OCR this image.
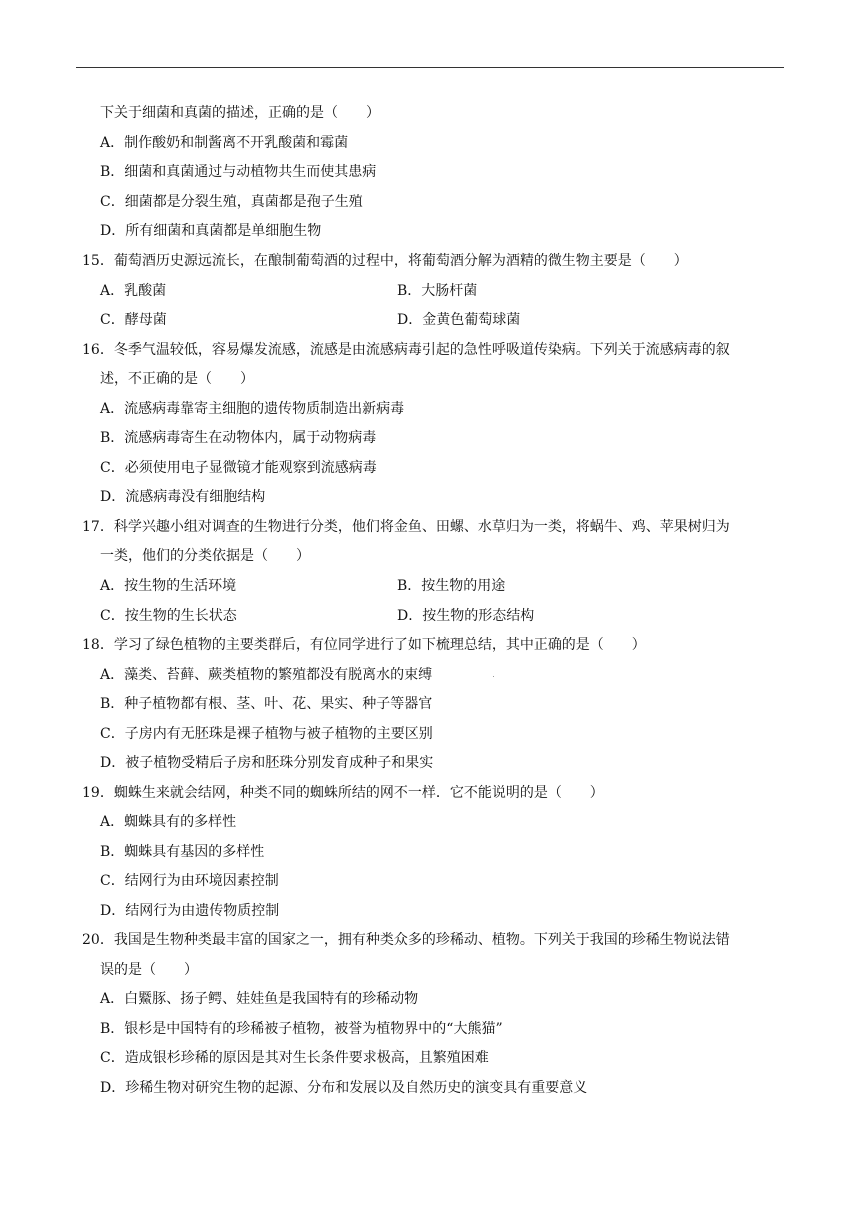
下关于细菌和真菌的描述，正确的是（　　）
A．制作酸奶和制酱离不开乳酸菌和霉菌
B．细菌和真菌通过与动植物共生而使其患病
C．细菌都是分裂生殖，真菌都是孢子生殖
D．所有细菌和真菌都是单细胞生物
15．葡萄酒历史源远流长，在酿制葡萄酒的过程中，将葡萄酒分解为酒精的微生物主要是（　　）
A．乳酸菌	B．大肠杆菌
C．酵母菌	D．金黄色葡萄球菌
16．冬季气温较低，容易爆发流感，流感是由流感病毒引起的急性呼吸道传染病。下列关于流感病毒的叙
述，不正确的是（　　）
A．流感病毒靠寄主细胞的遗传物质制造出新病毒
B．流感病毒寄生在动物体内，属于动物病毒
C．必须使用电子显微镜才能观察到流感病毒
D．流感病毒没有细胞结构
17．科学兴趣小组对调查的生物进行分类，他们将金鱼、田螺、水草归为一类，将蜗牛、鸡、苹果树归为
一类，他们的分类依据是（　　）
A．按生物的生活环境	B．按生物的用途
C．按生物的生长状态	D．按生物的形态结构
18．学习了绿色植物的主要类群后，有位同学进行了如下梳理总结，其中正确的是（　　）
A．藻类、苔藓、蕨类植物的繁殖都没有脱离水的束缚
B．种子植物都有根、茎、叶、花、果实、种子等器官
C．子房内有无胚珠是裸子植物与被子植物的主要区别
D．被子植物受精后子房和胚珠分别发育成种子和果实
19．蜘蛛生来就会结网，种类不同的蜘蛛所结的网不一样．它不能说明的是（　　）
A．蜘蛛具有的多样性
B．蜘蛛具有基因的多样性
C．结网行为由环境因素控制
D．结网行为由遗传物质控制
20．我国是生物种类最丰富的国家之一，拥有种类众多的珍稀动、植物。下列关于我国的珍稀生物说法错
误的是（　　）
A．白鱀豚、扬子鳄、娃娃鱼是我国特有的珍稀动物
B．银杉是中国特有的珍稀被子植物，被誉为植物界中的“大熊猫”
C．造成银杉珍稀的原因是其对生长条件要求极高，且繁殖困难
D．珍稀生物对研究生物的起源、分布和发展以及自然历史的演变具有重要意义
